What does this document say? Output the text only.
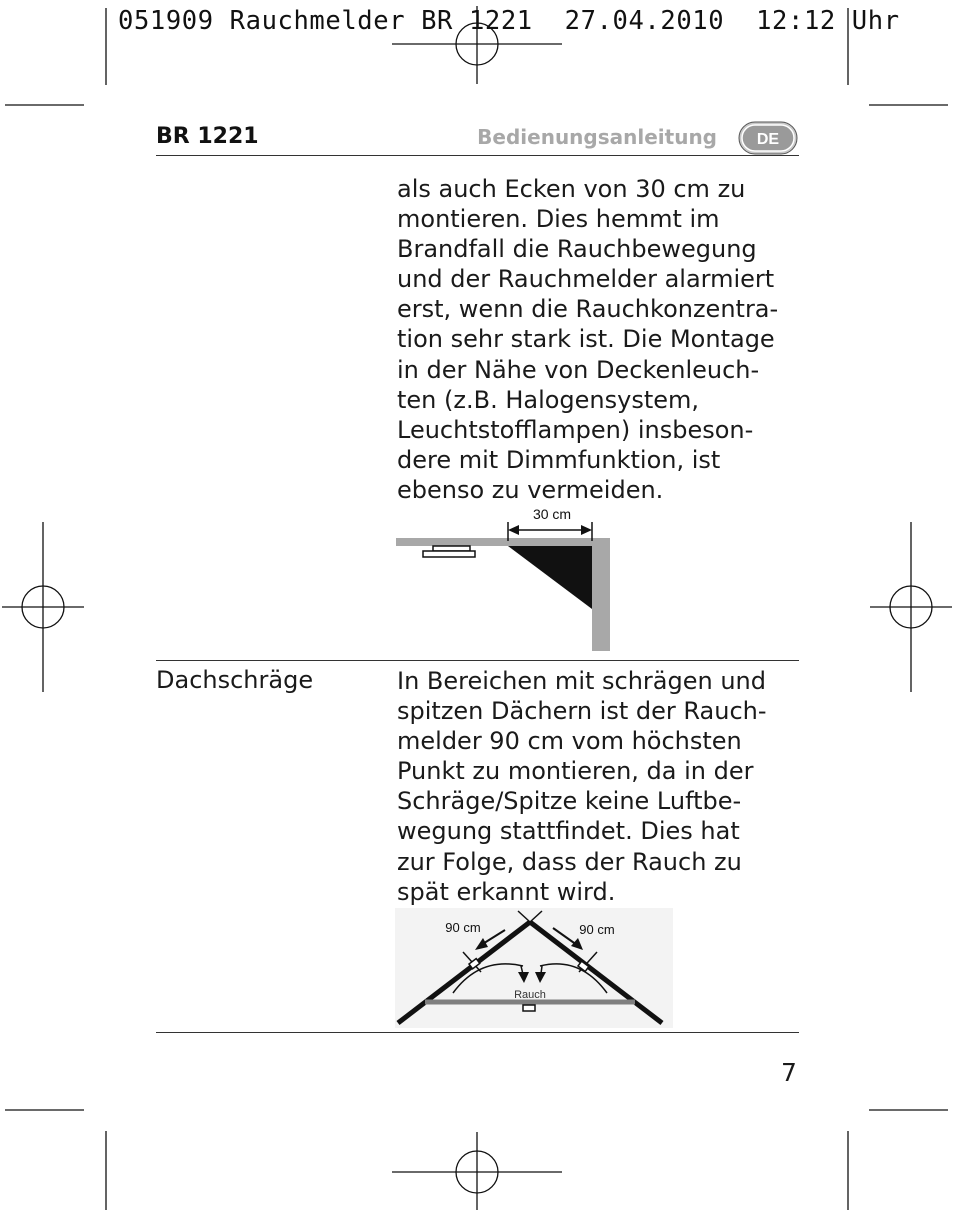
051909 Rauchmelder BR 1221  27.04.2010  12:12 Uhr
BR 1221	Bedienungsanleitung DE
als auch Ecken von 30 cm zu
montieren. Dies hemmt im
Brandfall die Rauchbewegung
und der Rauchmelder alarmiert
erst, wenn die Rauchkonzentra-
tion sehr stark ist. Die Montage
in der Nähe von Deckenleuch-
ten (z.B. Halogensystem,
Leuchtstofflampen) insbeson-
dere mit Dimmfunktion, ist
ebenso zu vermeiden.
30 cm
Dachschräge	In Bereichen mit schrägen und
spitzen Dächern ist der Rauch-
melder 90 cm vom höchsten
Punkt zu montieren, da in der
Schräge/Spitze keine Luftbe-
wegung stattfindet. Dies hat
zur Folge, dass der Rauch zu
spät erkannt wird.
90 cm	90 cm
Rauch
7
